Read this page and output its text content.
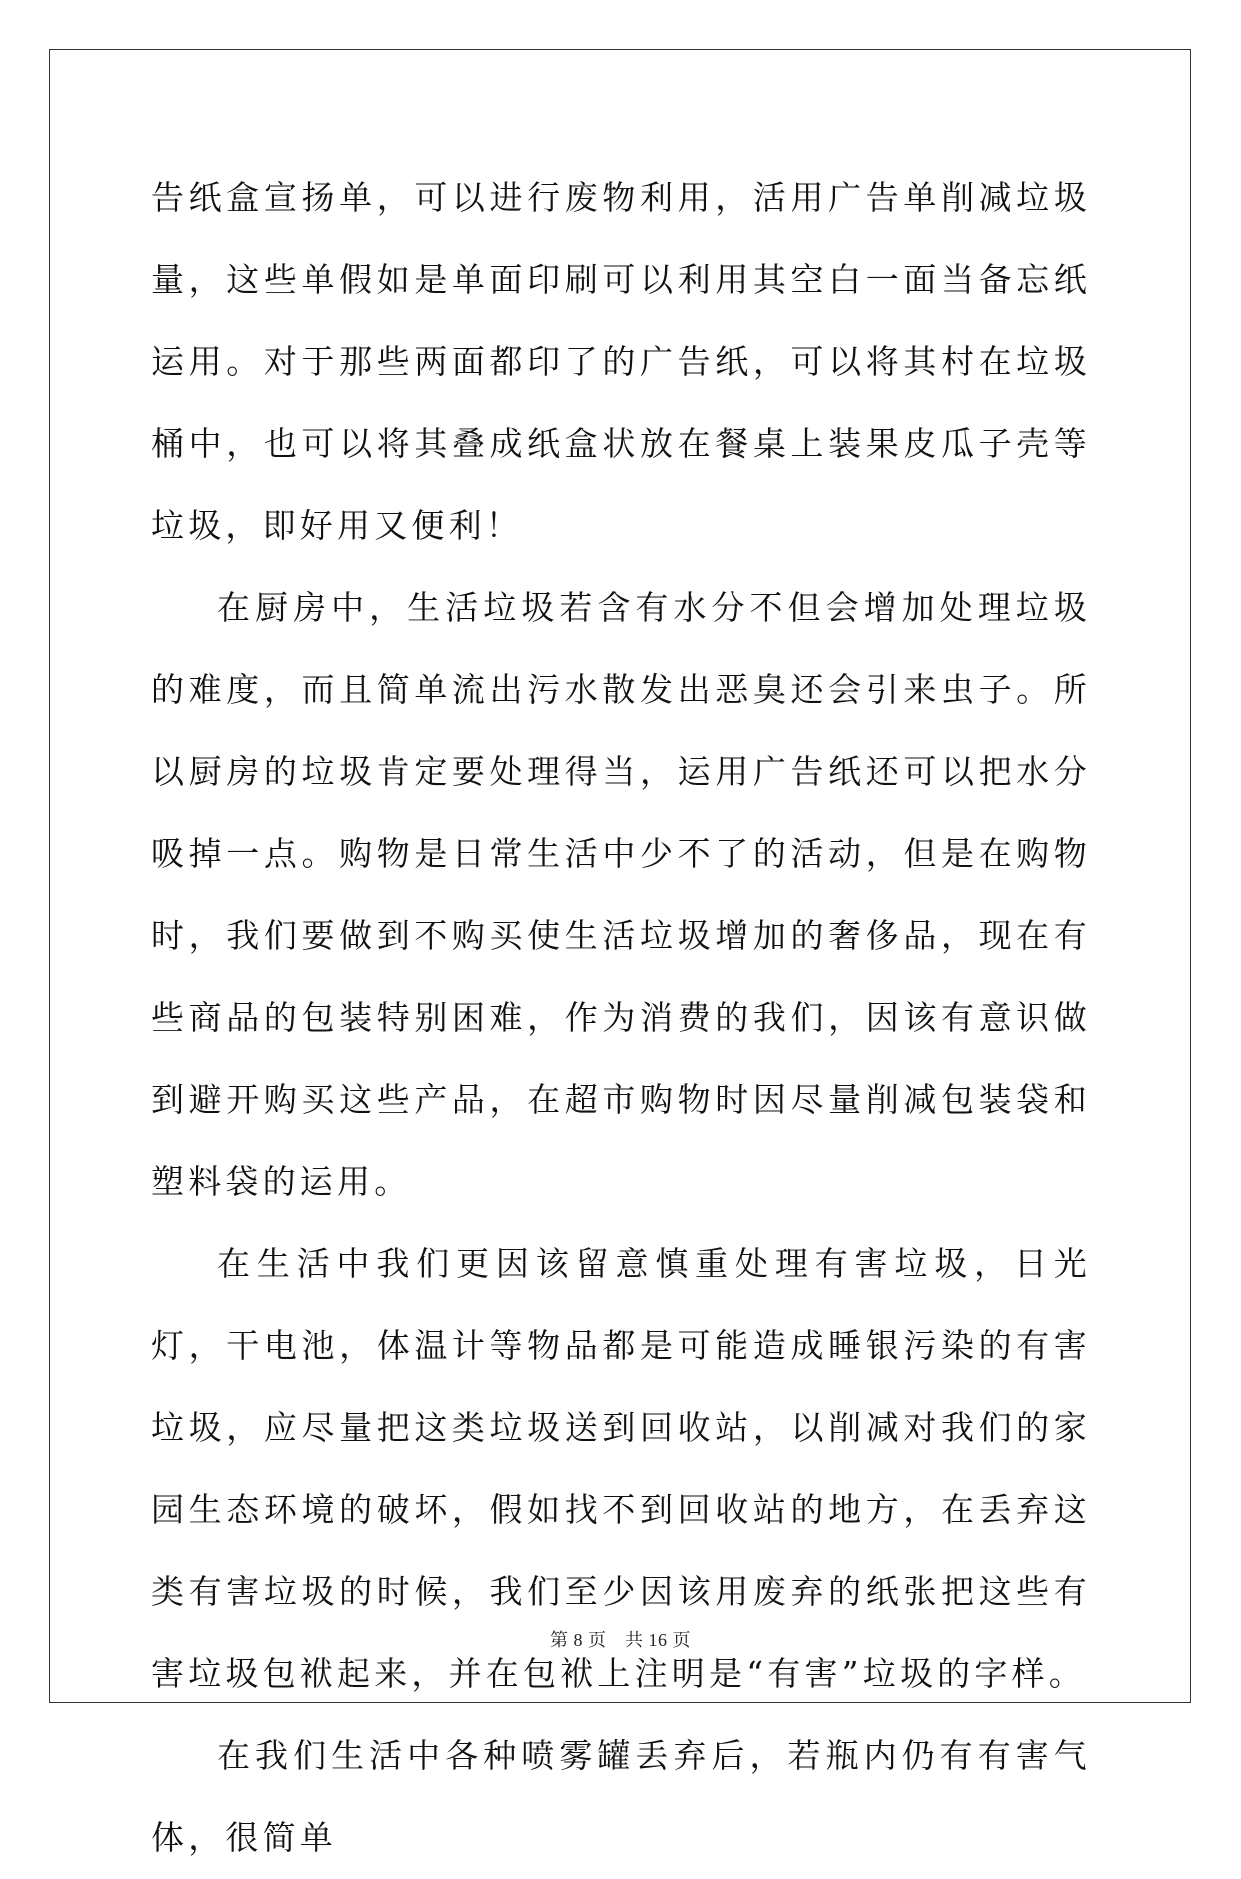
告纸盒宣扬单，可以进行废物利用，活用广告单削减垃圾量，这些单假如是单面印刷可以利用其空白一面当备忘纸运用。对于那些两面都印了的广告纸，可以将其村在垃圾桶中，也可以将其叠成纸盒状放在餐桌上装果皮瓜子壳等垃圾，即好用又便利！

在厨房中，生活垃圾若含有水分不但会增加处理垃圾的难度，而且简单流出污水散发出恶臭还会引来虫子。所以厨房的垃圾肯定要处理得当，运用广告纸还可以把水分吸掉一点。购物是日常生活中少不了的活动，但是在购物时，我们要做到不购买使生活垃圾增加的奢侈品，现在有些商品的包装特别困难，作为消费的我们，因该有意识做到避开购买这些产品，在超市购物时因尽量削减包装袋和塑料袋的运用。

在生活中我们更因该留意慎重处理有害垃圾，日光灯，干电池，体温计等物品都是可能造成睡银污染的有害垃圾，应尽量把这类垃圾送到回收站，以削减对我们的家园生态环境的破坏，假如找不到回收站的地方，在丢弃这类有害垃圾的时候，我们至少因该用废弃的纸张把这些有害垃圾包袱起来，并在包袱上注明是“有害”垃圾的字样。

在我们生活中各种喷雾罐丢弃后，若瓶内仍有有害气体，很简单

第 8 页　共 16 页
